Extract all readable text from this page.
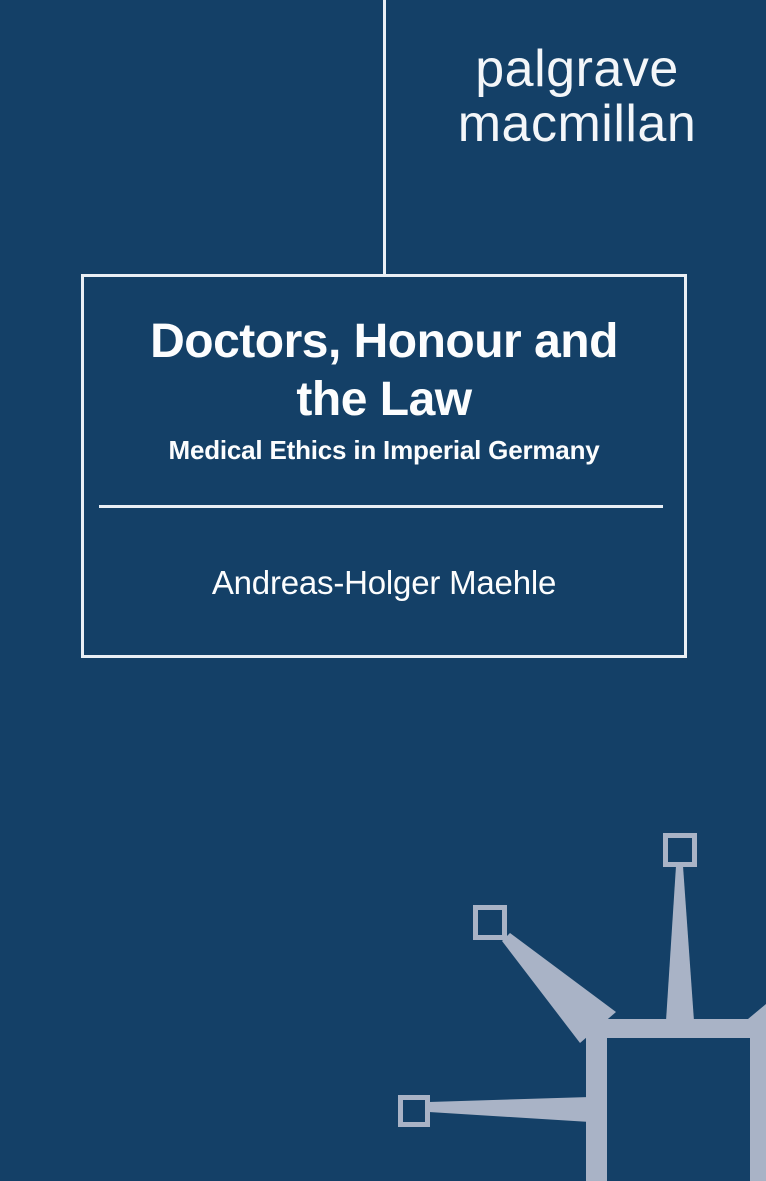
palgrave
macmillan
Doctors, Honour and
the Law
Medical Ethics in Imperial Germany
Andreas-Holger Maehle
